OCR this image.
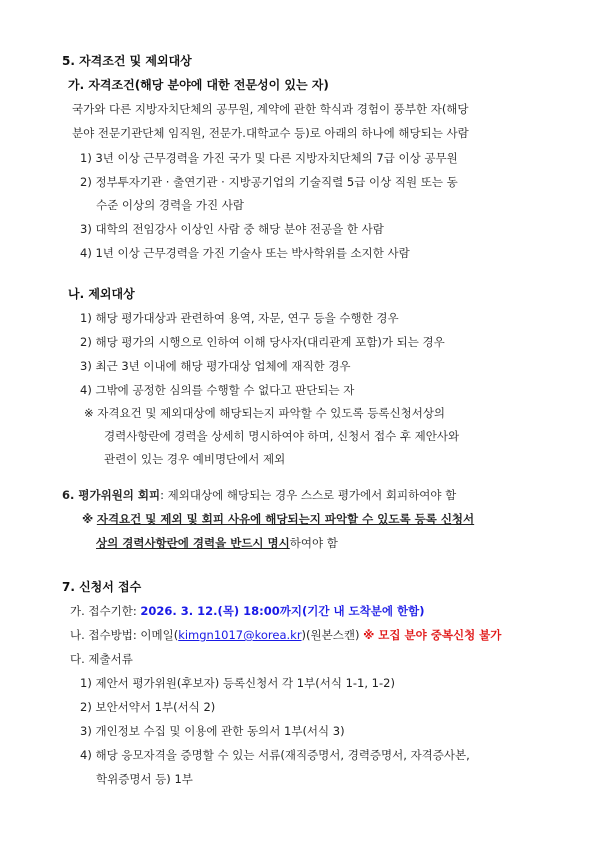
5. 자격조건 및 제외대상
가. 자격조건(해당 분야에 대한 전문성이 있는 자)
국가와 다른 지방자치단체의 공무원, 계약에 관한 학식과 경험이 풍부한 자(해당
분야 전문기관단체 임직원, 전문가․대학교수 등)로 아래의 하나에 해당되는 사람
1) 3년 이상 근무경력을 가진 국가 및 다른 지방자치단체의 7급 이상 공무원
2) 정부투자기관 · 출연기관 · 지방공기업의 기술직렬 5급 이상 직원 또는 동
수준 이상의 경력을 가진 사람
3) 대학의 전임강사 이상인 사람 중 해당 분야 전공을 한 사람
4) 1년 이상 근무경력을 가진 기술사 또는 박사학위를 소지한 사람
나. 제외대상
1) 해당 평가대상과 관련하여 용역, 자문, 연구 등을 수행한 경우
2) 해당 평가의 시행으로 인하여 이해 당사자(대리관계 포함)가 되는 경우
3) 최근 3년 이내에 해당 평가대상 업체에 재직한 경우
4) 그밖에 공정한 심의를 수행할 수 없다고 판단되는 자
※ 자격요건 및 제외대상에 해당되는지 파악할 수 있도록 등록신청서상의
경력사항란에 경력을 상세히 명시하여야 하며, 신청서 접수 후 제안사와
관련이 있는 경우 예비명단에서 제외
6. 평가위원의 회피: 제외대상에 해당되는 경우 스스로 평가에서 회피하여야 함
※ 자격요건 및 제외 및 회피 사유에 해당되는지 파악할 수 있도록 등록 신청서
상의 경력사항란에 경력을 반드시 명시하여야 함
7. 신청서 접수
가. 접수기한: 2026. 3. 12.(목) 18:00까지(기간 내 도착분에 한함)
나. 접수방법: 이메일(kimgn1017@korea.kr)(원본스캔) ※ 모집 분야 중복신청 불가
다. 제출서류
1) 제안서 평가위원(후보자) 등록신청서 각 1부(서식 1-1, 1-2)
2) 보안서약서 1부(서식 2)
3) 개인정보 수집 및 이용에 관한 동의서 1부(서식 3)
4) 해당 응모자격을 증명할 수 있는 서류(재직증명서, 경력증명서, 자격증사본,
학위증명서 등) 1부
